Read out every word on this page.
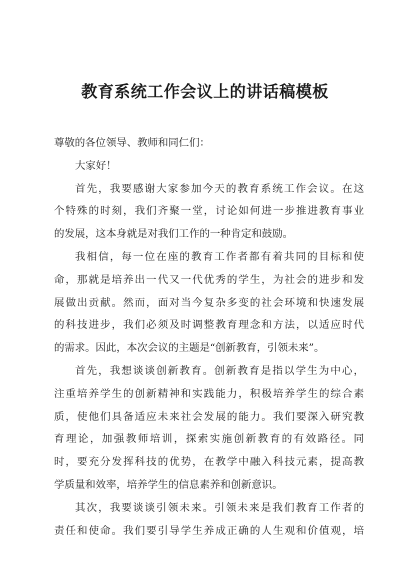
教育系统工作会议上的讲话稿模板
尊敬的各位领导、教师和同仁们：
大家好！
首先，我要感谢大家参加今天的教育系统工作会议。在这
个特殊的时刻，我们齐聚一堂，讨论如何进一步推进教育事业
的发展，这本身就是对我们工作的一种肯定和鼓励。
我相信，每一位在座的教育工作者都有着共同的目标和使
命，那就是培养出一代又一代优秀的学生，为社会的进步和发
展做出贡献。然而，面对当今复杂多变的社会环境和快速发展
的科技进步，我们必须及时调整教育理念和方法，以适应时代
的需求。因此，本次会议的主题是“创新教育，引领未来”。
首先，我想谈谈创新教育。创新教育是指以学生为中心，
注重培养学生的创新精神和实践能力，积极培养学生的综合素
质，使他们具备适应未来社会发展的能力。我们要深入研究教
育理论，加强教师培训，探索实施创新教育的有效路径。同
时，要充分发挥科技的优势，在教学中融入科技元素，提高教
学质量和效率，培养学生的信息素养和创新意识。
其次，我要谈谈引领未来。引领未来是我们教育工作者的
责任和使命。我们要引导学生养成正确的人生观和价值观，培
